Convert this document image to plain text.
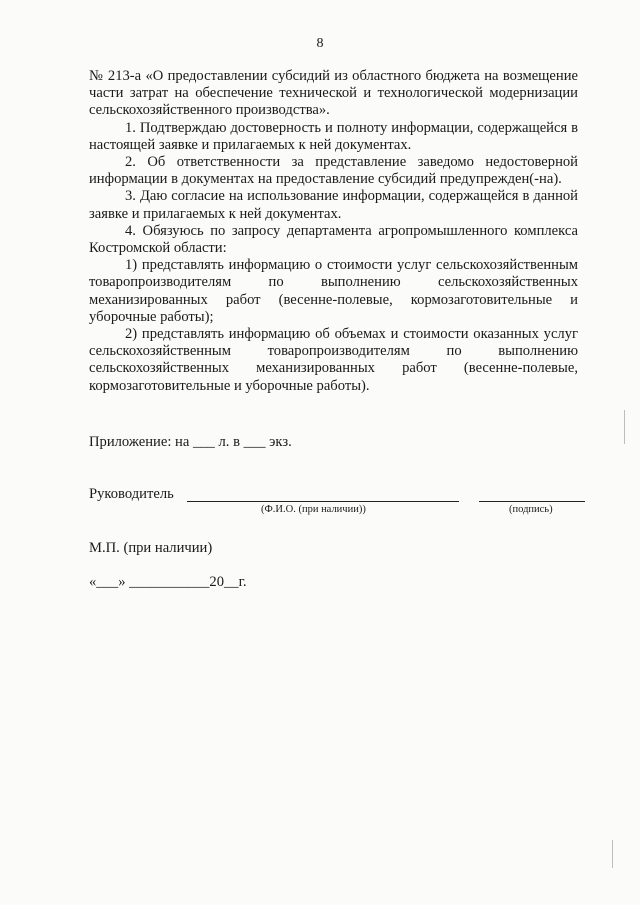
8

№ 213-а «О предоставлении субсидий из областного бюджета на возмещение части затрат на обеспечение технической и технологической модернизации сельскохозяйственного производства».

1. Подтверждаю достоверность и полноту информации, содержащейся в настоящей заявке и прилагаемых к ней документах.

2. Об ответственности за представление заведомо недостоверной информации в документах на предоставление субсидий предупрежден(-на).

3. Даю согласие на использование информации, содержащейся в данной заявке и прилагаемых к ней документах.

4. Обязуюсь по запросу департамента агропромышленного комплекса Костромской области:

1) представлять информацию о стоимости услуг сельскохозяйственным товаропроизводителям по выполнению сельскохозяйственных механизированных работ (весенне-полевые, кормозаготовительные и уборочные работы);

2) представлять информацию об объемах и стоимости оказанных услуг сельскохозяйственным товаропроизводителям по выполнению сельскохозяйственных механизированных работ (весенне-полевые, кормозаготовительные и уборочные работы).

Приложение: на ___ л. в ___ экз.
Руководитель
(Ф.И.О. (при наличии))	(подпись)
М.П. (при наличии)
«___» ___________20__г.
